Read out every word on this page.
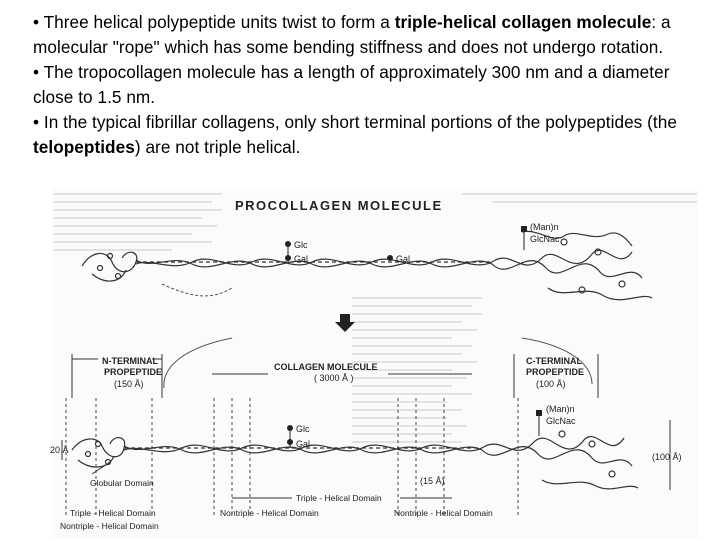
• Three helical polypeptide units twist to form a triple-helical collagen molecule: a molecular "rope" which has some bending stiffness and does not undergo rotation.

• The tropocollagen molecule has a length of approximately 300 nm and a diameter close to 1.5 nm.

• In the typical fibrillar collagens, only short terminal portions of the polypeptides (the telopeptides) are not triple helical.

PROCOLLAGEN MOLECULE
Glc
Gal	Gal
(Man)n
GlcNac
N-TERMINAL
PROPEPTIDE
(150 Å)
COLLAGEN MOLECULE
( 3000 Å )
C-TERMINAL
PROPEPTIDE
(100 Å)
Glc
Gal
(Man)n
GlcNac
20 Å
(100 Å)
(15 Å)
Globular Domain
Triple - Helical Domain
Nontriple - Helical Domain
Triple - Helical Domain
Nontriple - Helical Domain	Nontriple - Helical Domain
